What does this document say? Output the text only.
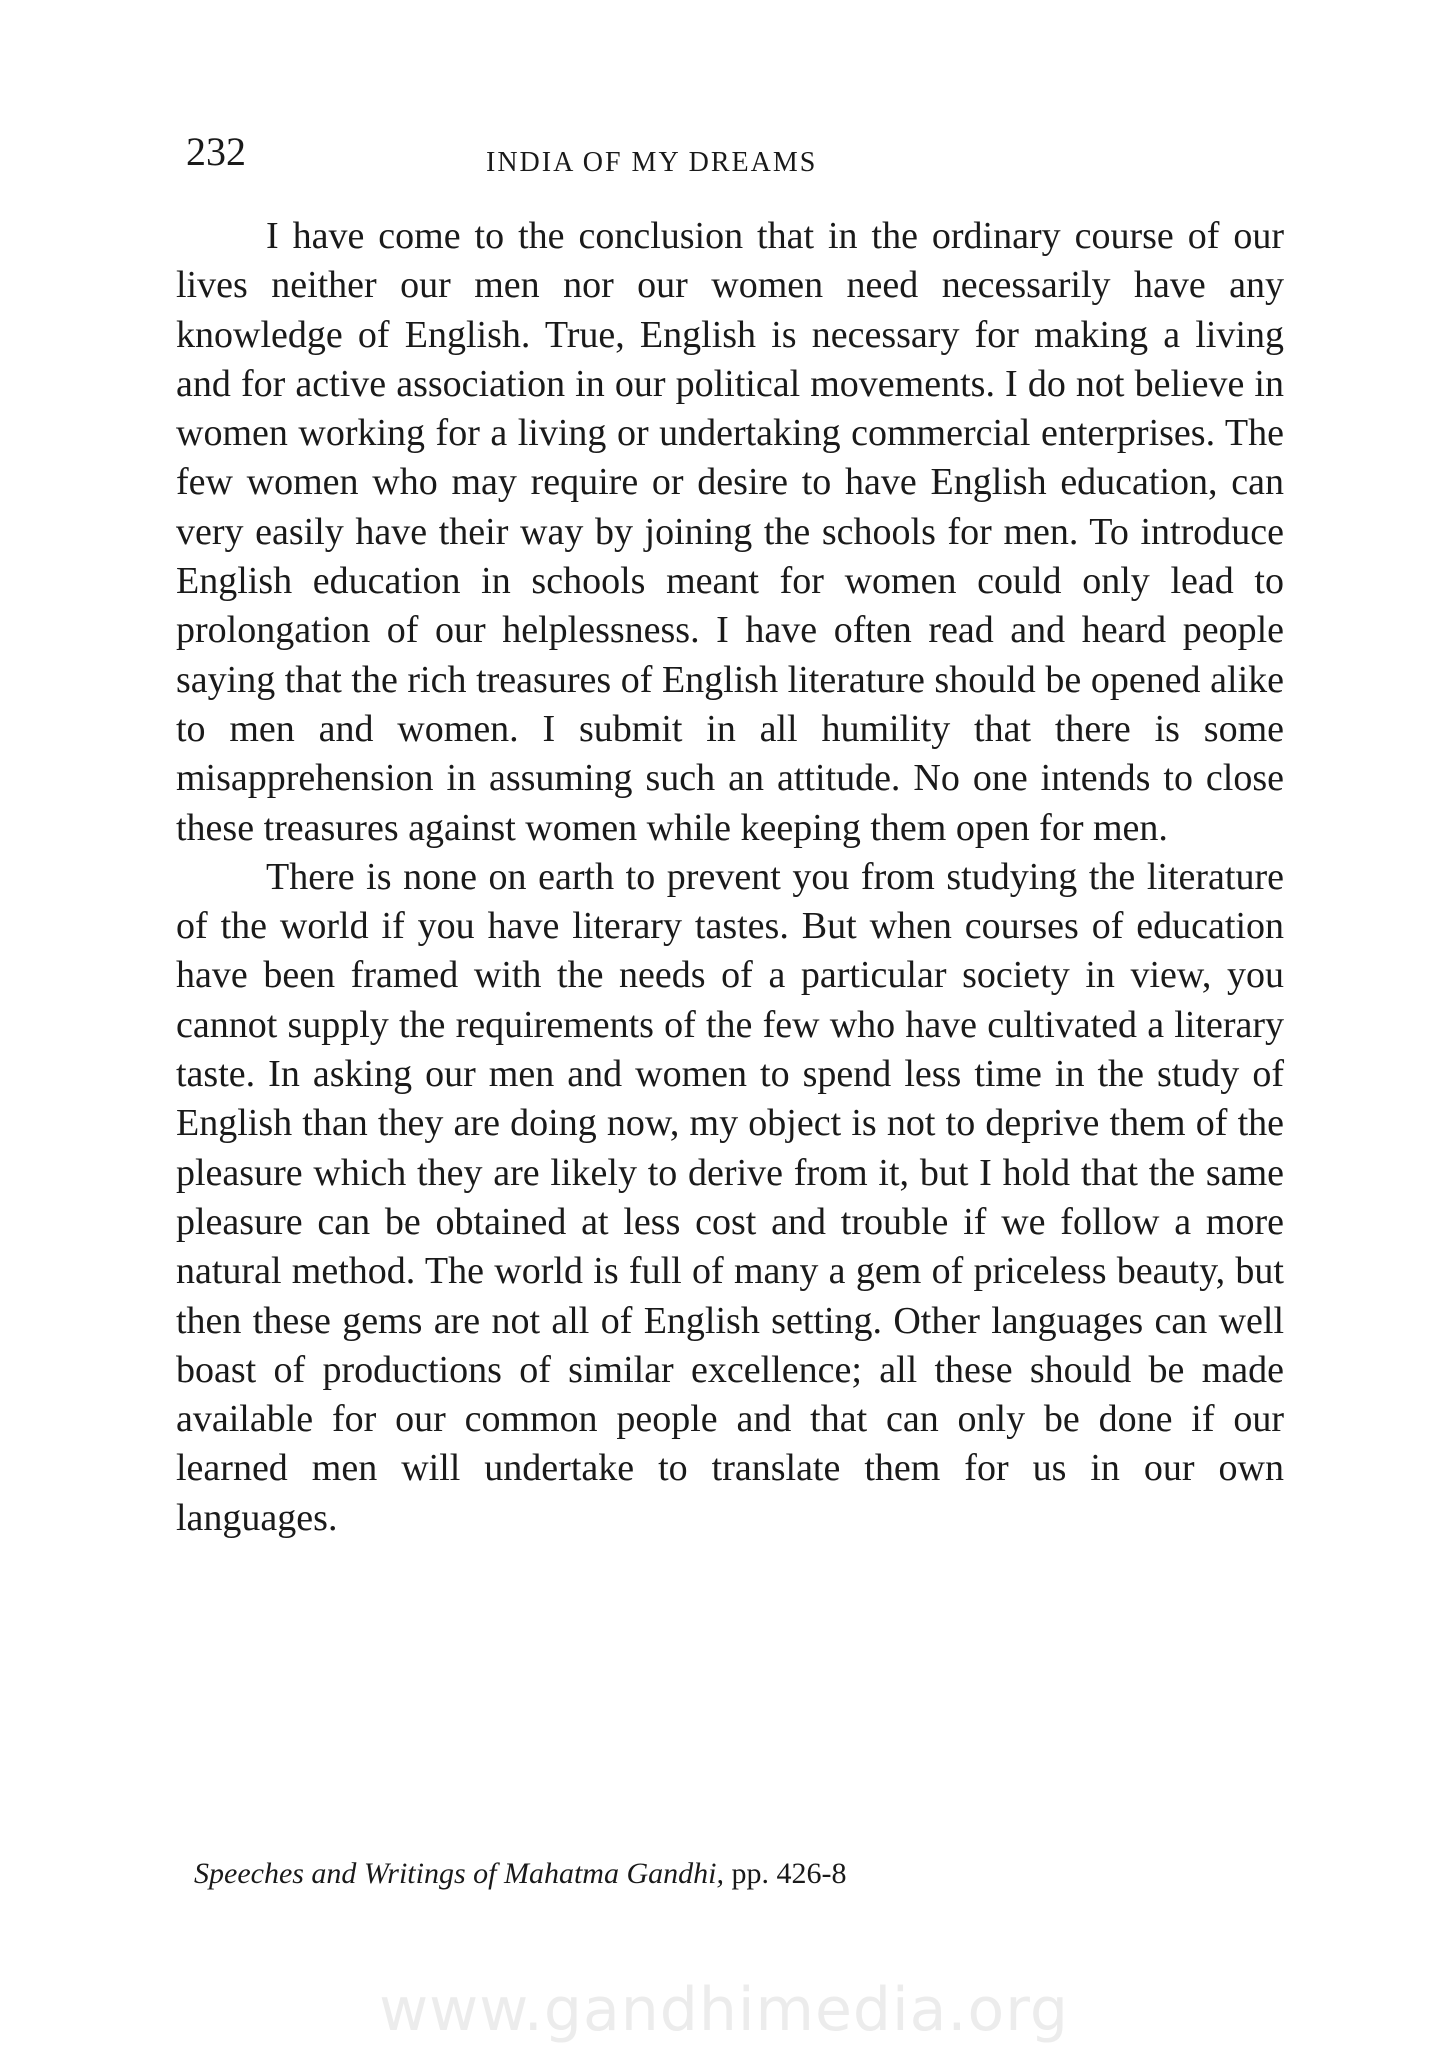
232	INDIA OF MY DREAMS

I have come to the conclusion that in the ordinary course of our lives neither our men nor our women need necessarily have any knowledge of English. True, English is necessary for making a living and for active association in our political movements. I do not believe in women working for a living or undertaking commercial enterprises. The few women who may require or desire to have English education, can very easily have their way by joining the schools for men. To introduce English education in schools meant for women could only lead to prolongation of our helplessness. I have often read and heard people saying that the rich treasures of English literature should be opened alike to men and women. I submit in all humility that there is some misapprehension in assuming such an attitude. No one intends to close these treasures against women while keeping them open for men.

There is none on earth to prevent you from studying the literature of the world if you have literary tastes. But when courses of education have been framed with the needs of a particular society in view, you cannot supply the requirements of the few who have cultivated a literary taste. In asking our men and women to spend less time in the study of English than they are doing now, my object is not to deprive them of the pleasure which they are likely to derive from it, but I hold that the same pleasure can be obtained at less cost and trouble if we follow a more natural method. The world is full of many a gem of priceless beauty, but then these gems are not all of English setting. Other languages can well boast of productions of similar excellence; all these should be made available for our common people and that can only be done if our learned men will undertake to translate them for us in our own languages.

Speeches and Writings of Mahatma Gandhi, pp. 426-8
www.gandhimedia.org
